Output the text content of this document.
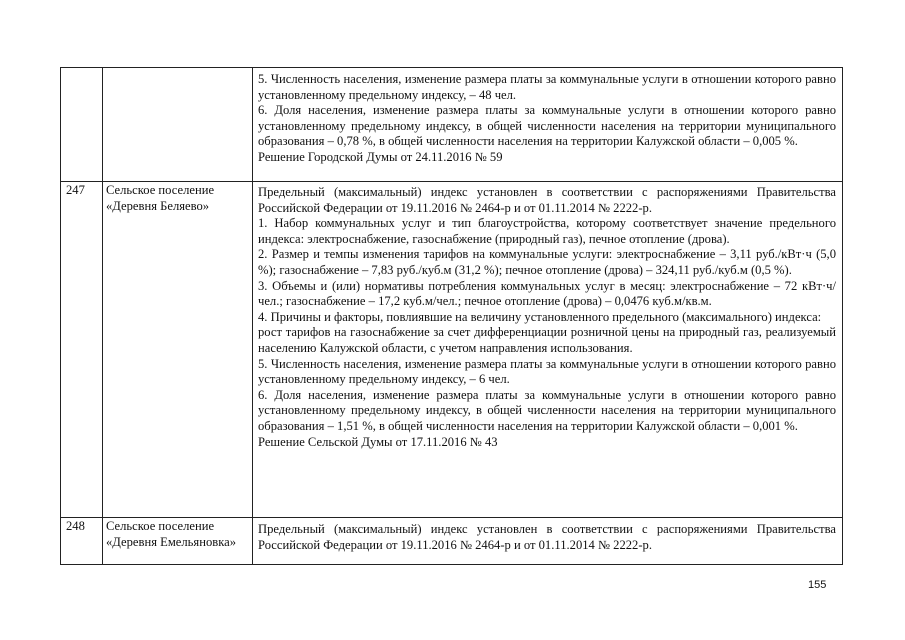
5. Численность населения, изменение размера платы за коммунальные услуги в отношении которого равно установленному предельному индексу, – 48 чел.

6. Доля населения, изменение размера платы за коммунальные услуги в отношении которого равно установленному предельному индексу, в общей численности населения на территории муниципального образования – 0,78 %, в общей численности населения на территории Калужской области – 0,005 %.

Решение Городской Думы от 24.11.2016 № 59

247	Сельское поселение «Деревня Беляево»

Предельный (максимальный) индекс установлен в соответствии с распоряжениями Правительства Российской Федерации от 19.11.2016 № 2464-р и от 01.11.2014 № 2222-р.

1. Набор коммунальных услуг и тип благоустройства, которому соответствует значение предельного индекса: электроснабжение, газоснабжение (природный газ), печное отопление (дрова).

2. Размер и темпы изменения тарифов на коммунальные услуги: электроснабжение – 3,11 руб./кВт·ч (5,0 %); газоснабжение – 7,83 руб./куб.м (31,2 %); печное отопление (дрова) – 324,11 руб./куб.м (0,5 %).

3. Объемы и (или) нормативы потребления коммунальных услуг в месяц: электроснабжение – 72 кВт·ч/чел.; газоснабжение – 17,2 куб.м/чел.; печное отопление (дрова) – 0,0476 куб.м/кв.м.

4. Причины и факторы, повлиявшие на величину установленного предельного (максимального) индекса:

рост тарифов на газоснабжение за счет дифференциации розничной цены на природный газ, реализуемый населению Калужской области, с учетом направления использования.

5. Численность населения, изменение размера платы за коммунальные услуги в отношении которого равно установленному предельному индексу, – 6 чел.

6. Доля населения, изменение размера платы за коммунальные услуги в отношении которого равно установленному предельному индексу, в общей численности населения на территории муниципального образования – 1,51 %, в общей численности населения на территории Калужской области – 0,001 %.

Решение Сельской Думы от 17.11.2016 № 43

248	Сельское поселение «Деревня Емельяновка»

Предельный (максимальный) индекс установлен в соответствии с распоряжениями Правительства Российской Федерации от 19.11.2016 № 2464-р и от 01.11.2014 № 2222-р.

155
